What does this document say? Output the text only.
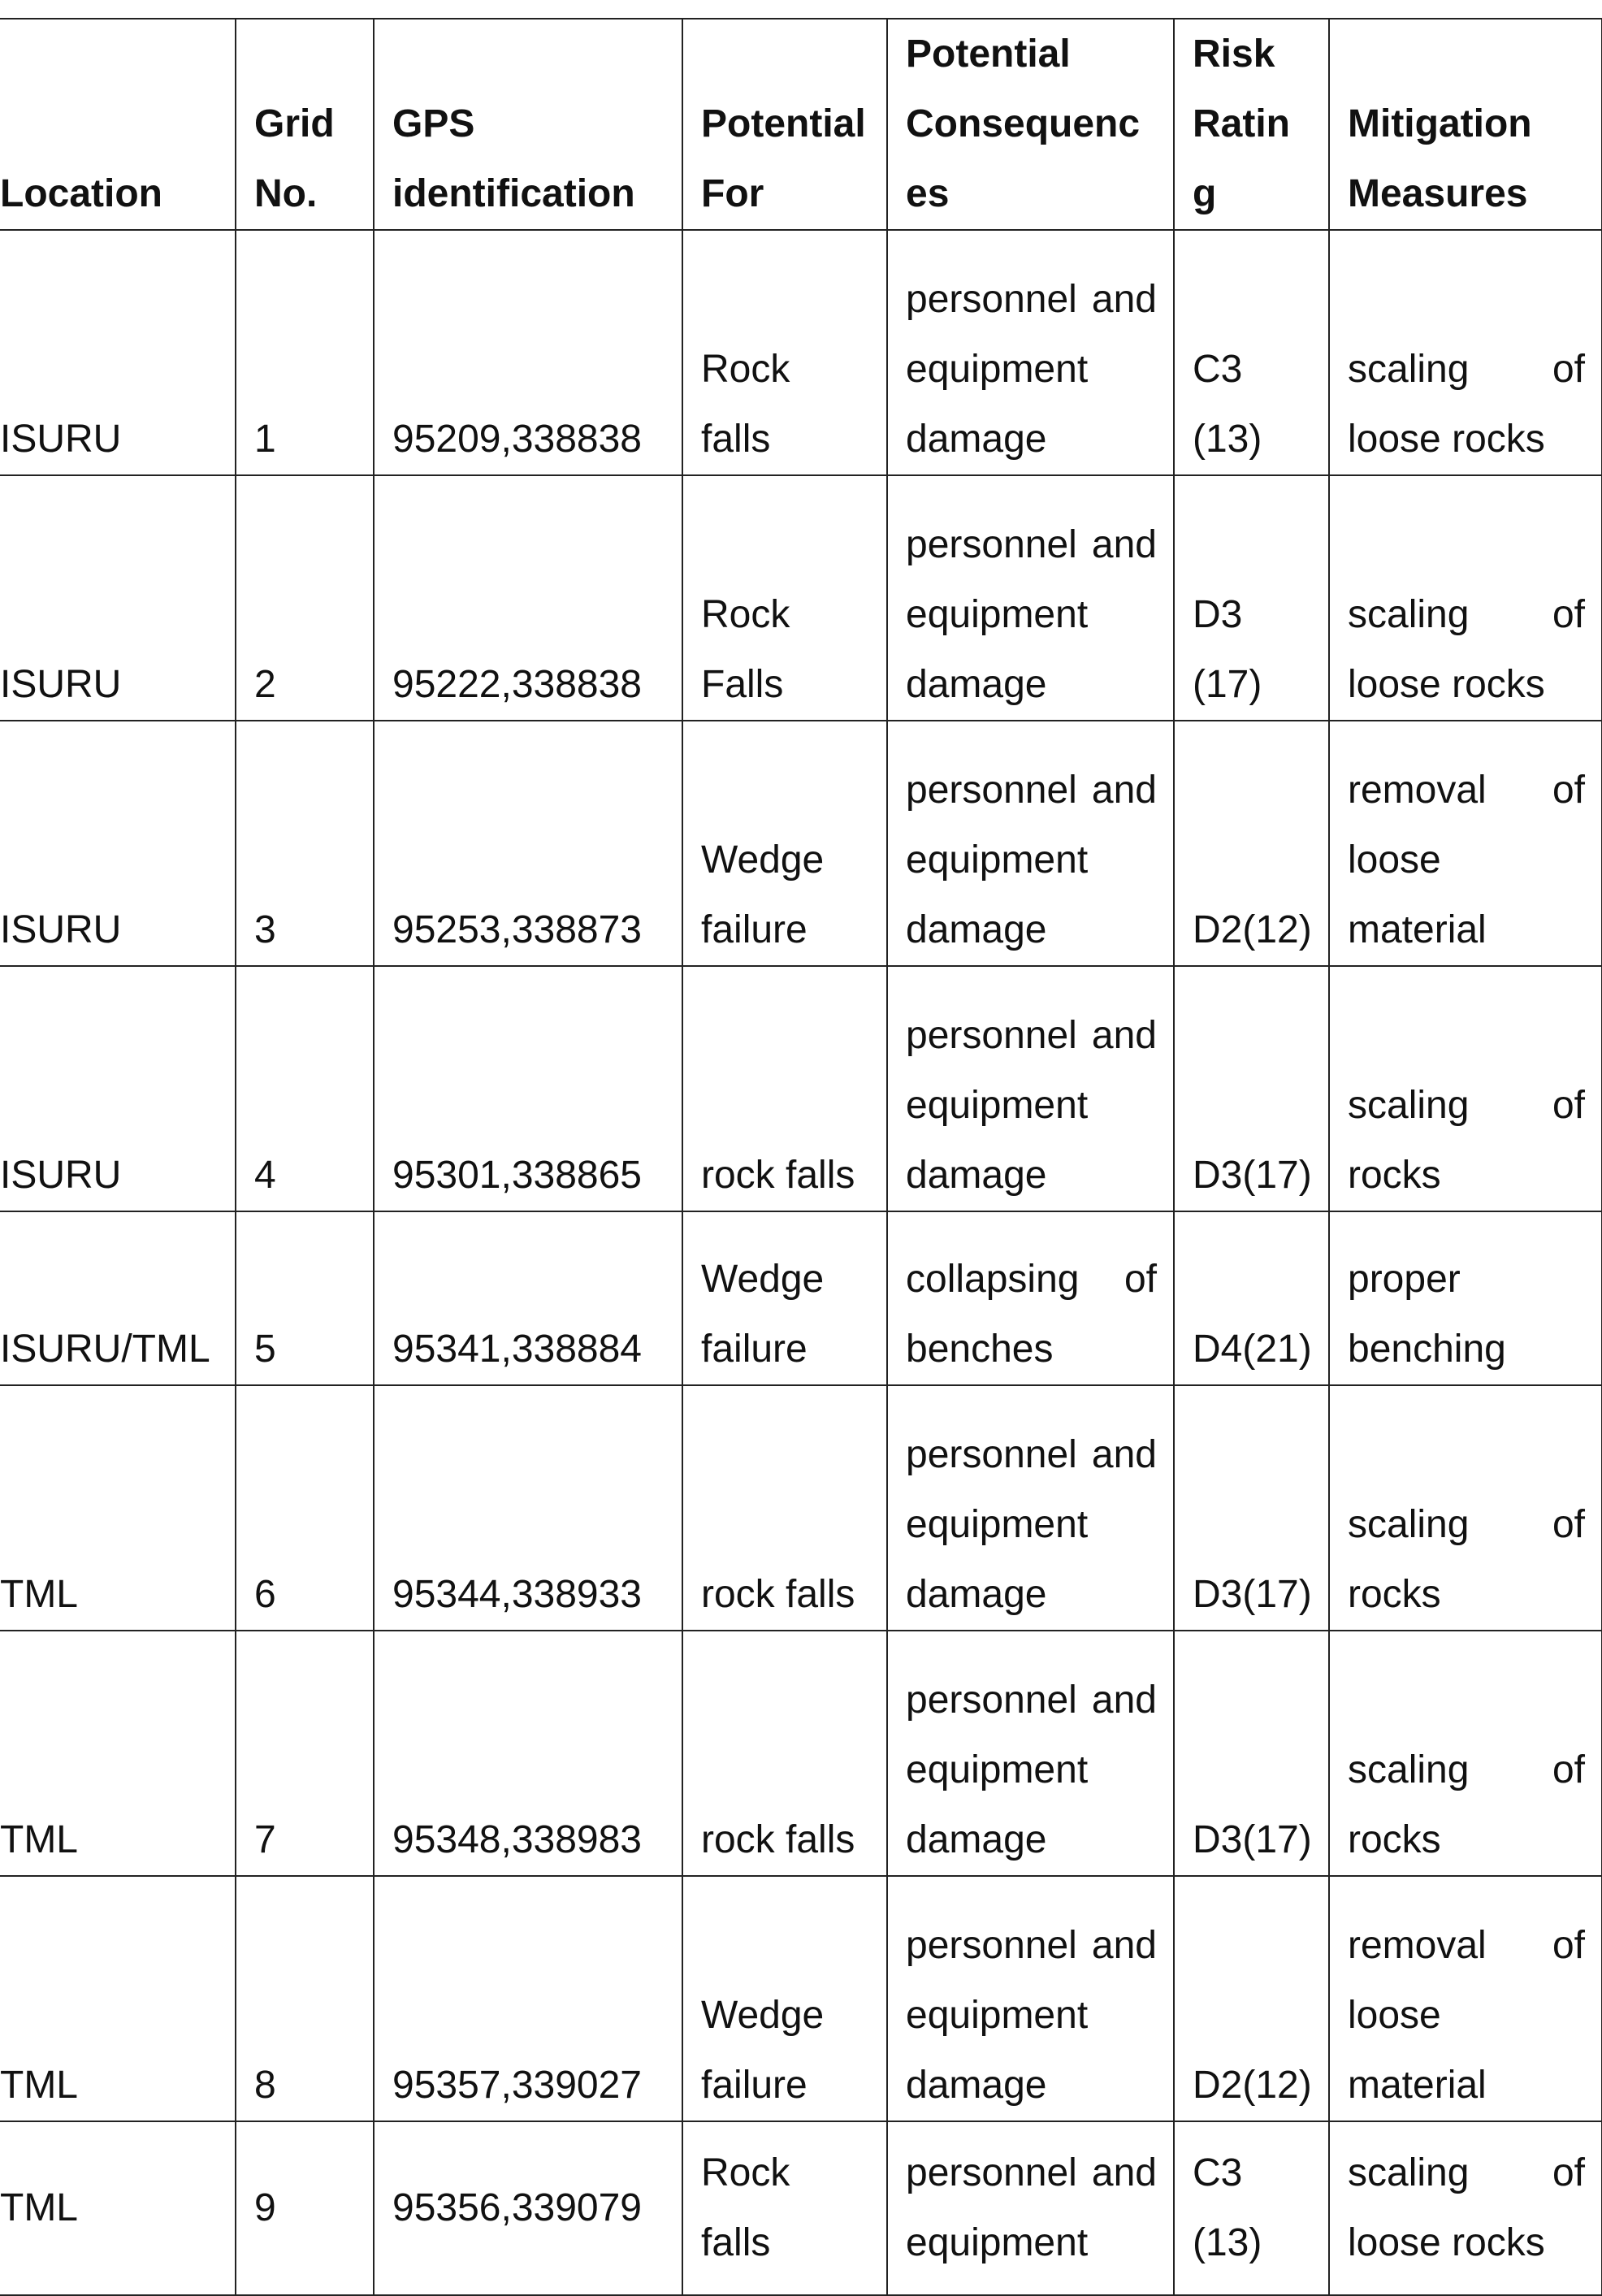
Location	Grid No.	GPS identification	Potential For	Potential Consequences	Risk Rating	Mitigation Measures
ISURU	1	95209,338838	Rock falls	personnel and
equipment
damage	C3 (13)	scaling of
loose rocks

ISURU	2	95222,338838	Rock Falls	personnel and
equipment
damage	D3 (17)	scaling of
loose rocks

ISURU	3	95253,338873	Wedge failure	personnel and
equipment
damage	D2(12)	removal of
loose
material

ISURU	4	95301,338865	rock falls	personnel and
equipment
damage	D3(17)	scaling of
rocks

ISURU/TML	5	95341,338884	Wedge failure	collapsing of
benches	D4(21)	proper
benching

TML	6	95344,338933	rock falls	personnel and
equipment
damage	D3(17)	scaling of
rocks

TML	7	95348,338983	rock falls	personnel and
equipment
damage	D3(17)	scaling of
rocks

TML	8	95357,339027	Wedge failure	personnel and
equipment
damage	D2(12)	removal of
loose
material

TML	9	95356,339079	Rock falls	personnel and
equipment	C3 (13)	scaling of
loose rocks
